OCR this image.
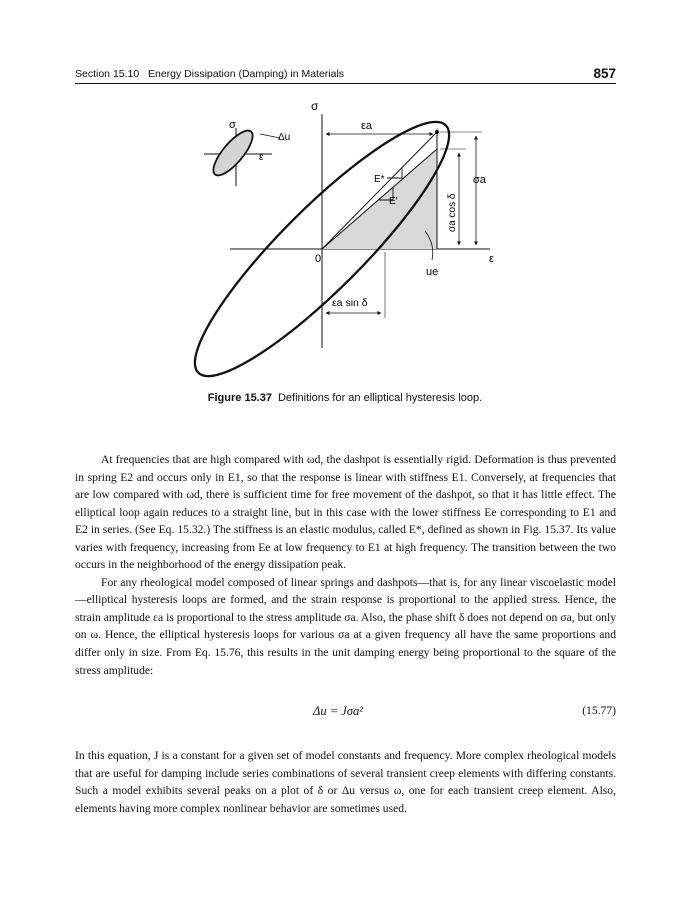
Section 15.10 Energy Dissipation (Damping) in Materials	857
σ
ε
Δu
E*
E′
εa
σa cos δ
σa
ue
εa sin δ
σ
ε
0
Figure 15.37 Definitions for an elliptical hysteresis loop.

At frequencies that are high compared with ωd, the dashpot is essentially rigid. Deformation is thus prevented in spring E2 and occurs only in E1, so that the response is linear with stiffness E1. Conversely, at frequencies that are low compared with ωd, there is sufficient time for free movement of the dashpot, so that it has little effect. The elliptical loop again reduces to a straight line, but in this case with the lower stiffness Ee corresponding to E1 and E2 in series. (See Eq. 15.32.) The stiffness is an elastic modulus, called E*, defined as shown in Fig. 15.37. Its value varies with frequency, increasing from Ee at low frequency to E1 at high frequency. The transition between the two occurs in the neighborhood of the energy dissipation peak.

For any rheological model composed of linear springs and dashpots—that is, for any linear viscoelastic model—elliptical hysteresis loops are formed, and the strain response is proportional to the applied stress. Hence, the strain amplitude εa is proportional to the stress amplitude σa. Also, the phase shift δ does not depend on σa, but only on ω. Hence, the elliptical hysteresis loops for various σa at a given frequency all have the same proportions and differ only in size. From Eq. 15.76, this results in the unit damping energy being proportional to the square of the stress amplitude:

Δu = Jσa²	(15.77)

In this equation, J is a constant for a given set of model constants and frequency. More complex rheological models that are useful for damping include series combinations of several transient creep elements with differing constants. Such a model exhibits several peaks on a plot of δ or Δu versus ω, one for each transient creep element. Also, elements having more complex nonlinear behavior are sometimes used.
